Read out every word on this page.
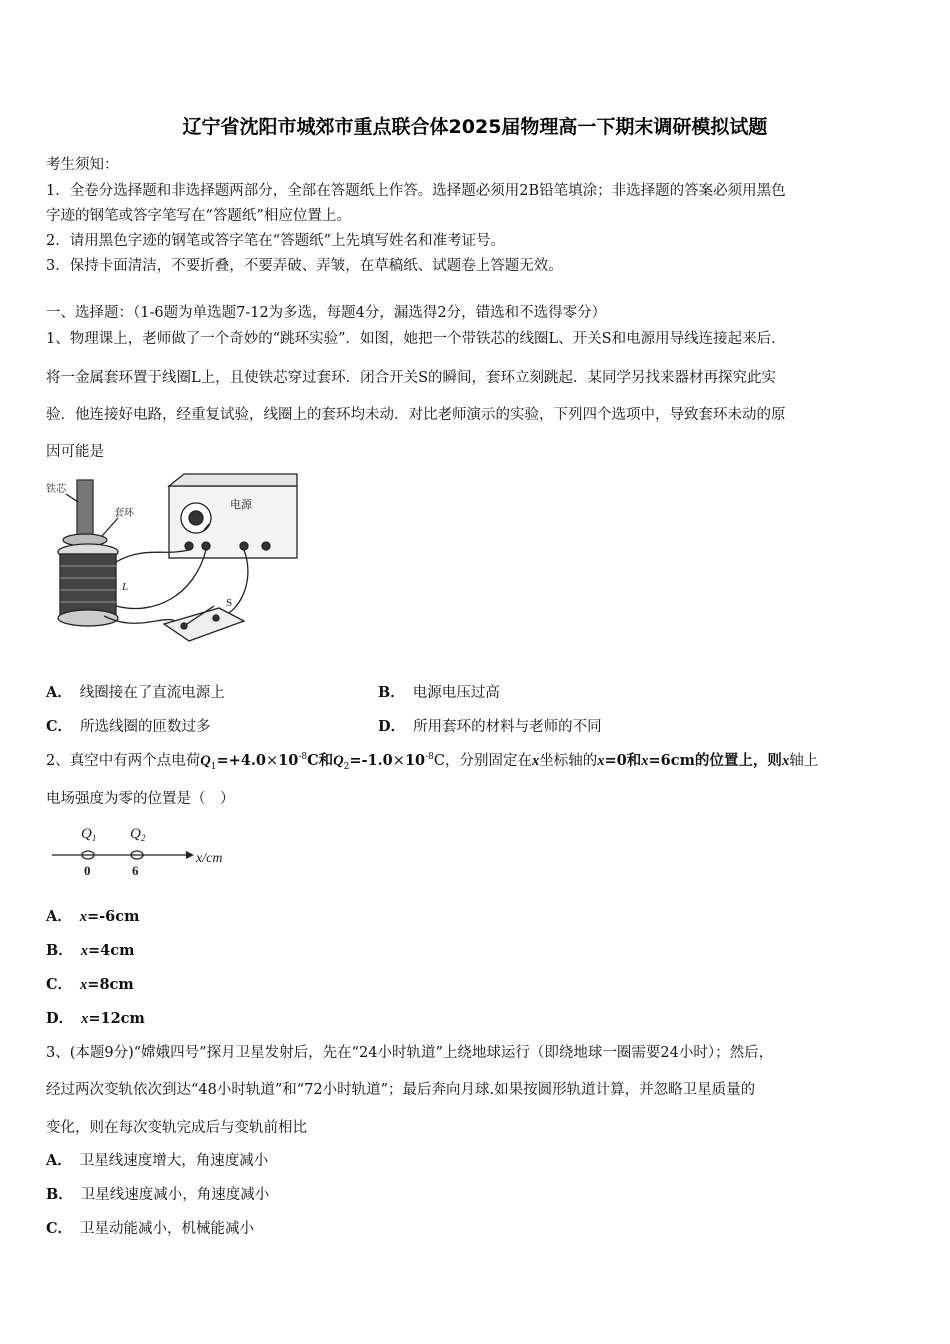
辽宁省沈阳市城郊市重点联合体2025届物理高一下期末调研模拟试题
考生须知：
1．全卷分选择题和非选择题两部分，全部在答题纸上作答。选择题必须用2B铅笔填涂；非选择题的答案必须用黑色
字迹的钢笔或答字笔写在“答题纸”相应位置上。
2．请用黑色字迹的钢笔或答字笔在“答题纸”上先填写姓名和准考证号。
3．保持卡面清洁，不要折叠，不要弄破、弄皱，在草稿纸、试题卷上答题无效。
一、选择题：（1-6题为单选题7-12为多选，每题4分，漏选得2分，错选和不选得零分）
1、物理课上，老师做了一个奇妙的“跳环实验”．如图，她把一个带铁芯的线圈L、开关S和电源用导线连接起来后．
将一金属套环置于线圈L上，且使铁芯穿过套环．闭合开关S的瞬间，套环立刻跳起．某同学另找来器材再探究此实
验．他连接好电路，经重复试验，线圈上的套环均未动．对比老师演示的实验，下列四个选项中，导致套环未动的原
因可能是
铁芯
套环
电源
L
S
A． 线圈接在了直流电源上	B． 电源电压过高
C． 所选线圈的匝数过多	D． 所用套环的材料与老师的不同
2、真空中有两个点电荷$Q_1=+4.0\times 10^{-8}C$和$Q_2=-1.0\times 10^{-8}C$，分别固定在x坐标轴的x=0和x=6cm的位置上，则x轴上
电场强度为零的位置是（　）
$Q_1$ $Q_2$
0	6
x/cm
A． x=-6cm
B． x=4cm
C． x=8cm
D． x=12cm
3、(本题9分)“嫦娥四号”探月卫星发射后，先在“24小时轨道”上绕地球运行（即绕地球一圈需要24小时）；然后，
经过两次变轨依次到达“48小时轨道”和“72小时轨道”；最后奔向月球.如果按圆形轨道计算，并忽略卫星质量的
变化，则在每次变轨完成后与变轨前相比
A． 卫星线速度增大，角速度减小
B． 卫星线速度减小，角速度减小
C． 卫星动能减小，机械能减小
